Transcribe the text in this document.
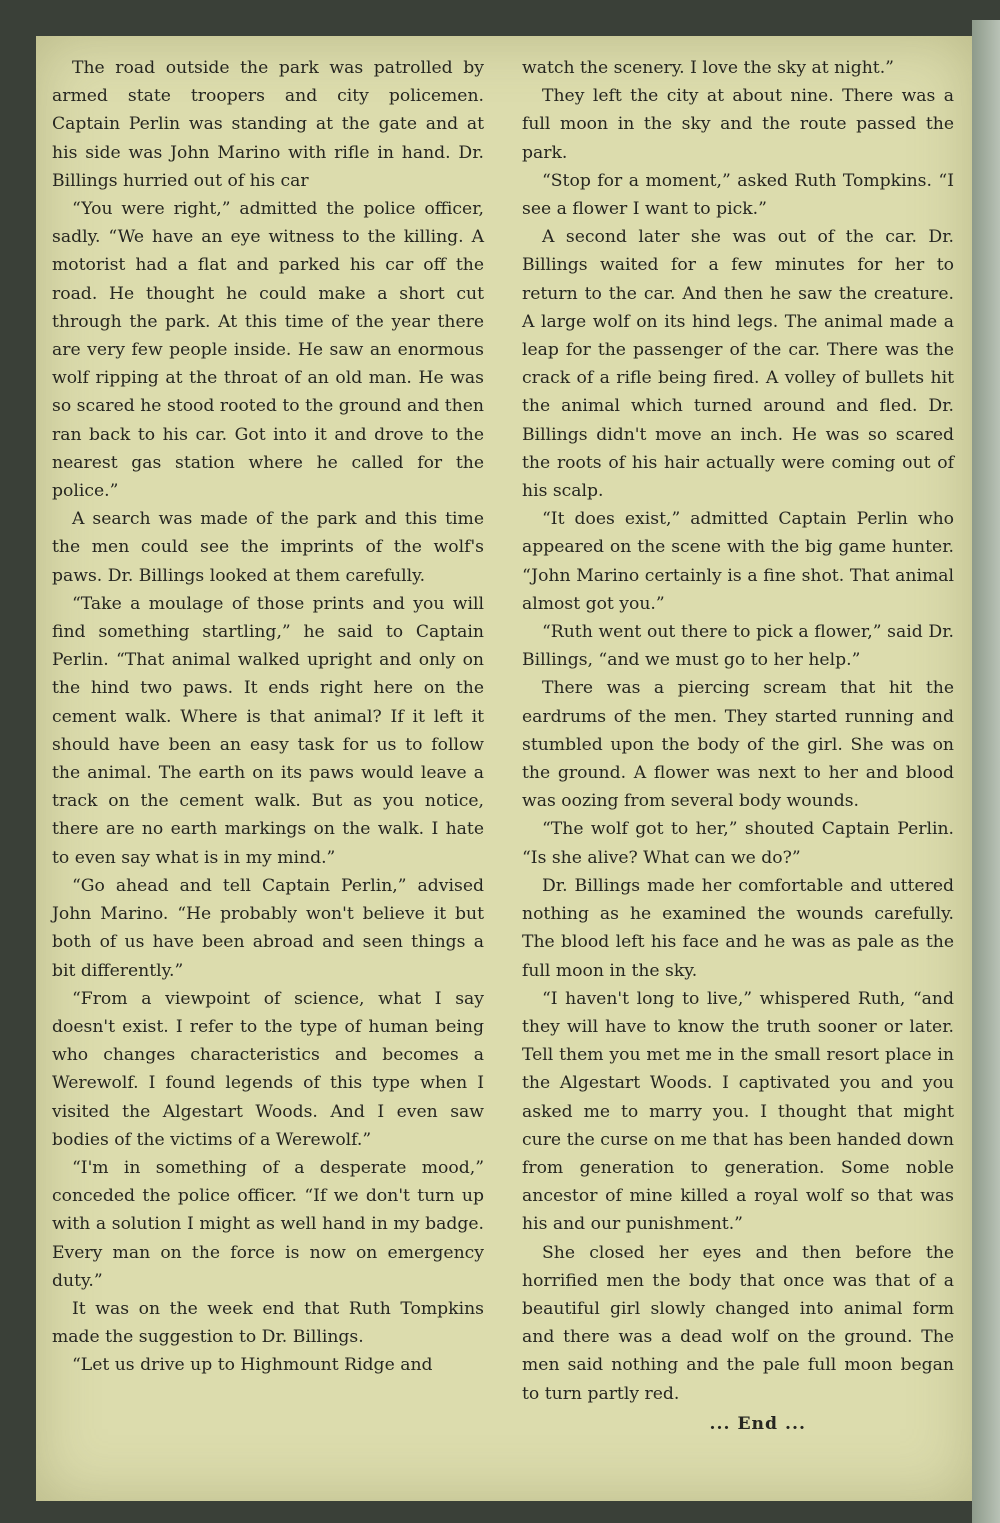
The road outside the park was patrolled by armed state troopers and city policemen. Captain Perlin was standing at the gate and at his side was John Marino with rifle in hand. Dr. Billings hurried out of his car

“You were right,” admitted the police officer, sadly. “We have an eye witness to the killing. A motorist had a flat and parked his car off the road. He thought he could make a short cut through the park. At this time of the year there are very few people inside. He saw an enormous wolf ripping at the throat of an old man. He was so scared he stood rooted to the ground and then ran back to his car. Got into it and drove to the nearest gas station where he called for the police.”

A search was made of the park and this time the men could see the imprints of the wolf's paws. Dr. Billings looked at them carefully.

“Take a moulage of those prints and you will find something startling,” he said to Captain Perlin. “That animal walked upright and only on the hind two paws. It ends right here on the cement walk. Where is that animal? If it left it should have been an easy task for us to follow the animal. The earth on its paws would leave a track on the cement walk. But as you notice, there are no earth markings on the walk. I hate to even say what is in my mind.”

“Go ahead and tell Captain Perlin,” advised John Marino. “He probably won't believe it but both of us have been abroad and seen things a bit differently.”

“From a viewpoint of science, what I say doesn't exist. I refer to the type of human being who changes characteristics and becomes a Werewolf. I found legends of this type when I visited the Algestart Woods. And I even saw bodies of the victims of a Werewolf.”

“I'm in something of a desperate mood,” conceded the police officer. “If we don't turn up with a solution I might as well hand in my badge. Every man on the force is now on emergency duty.”

It was on the week end that Ruth Tompkins made the suggestion to Dr. Billings.

“Let us drive up to Highmount Ridge and

watch the scenery. I love the sky at night.”

They left the city at about nine. There was a full moon in the sky and the route passed the park.

“Stop for a moment,” asked Ruth Tompkins. “I see a flower I want to pick.”

A second later she was out of the car. Dr. Billings waited for a few minutes for her to return to the car. And then he saw the creature. A large wolf on its hind legs. The animal made a leap for the passenger of the car. There was the crack of a rifle being fired. A volley of bullets hit the animal which turned around and fled. Dr. Billings didn't move an inch. He was so scared the roots of his hair actually were coming out of his scalp.

“It does exist,” admitted Captain Perlin who appeared on the scene with the big game hunter. “John Marino certainly is a fine shot. That animal almost got you.”

“Ruth went out there to pick a flower,” said Dr. Billings, “and we must go to her help.”

There was a piercing scream that hit the eardrums of the men. They started running and stumbled upon the body of the girl. She was on the ground. A flower was next to her and blood was oozing from several body wounds.

“The wolf got to her,” shouted Captain Perlin. “Is she alive? What can we do?”

Dr. Billings made her comfortable and uttered nothing as he examined the wounds carefully. The blood left his face and he was as pale as the full moon in the sky.

“I haven't long to live,” whispered Ruth, “and they will have to know the truth sooner or later. Tell them you met me in the small resort place in the Algestart Woods. I captivated you and you asked me to marry you. I thought that might cure the curse on me that has been handed down from generation to generation. Some noble ancestor of mine killed a royal wolf so that was his and our punishment.”

She closed her eyes and then before the horrified men the body that once was that of a beautiful girl slowly changed into animal form and there was a dead wolf on the ground. The men said nothing and the pale full moon began to turn partly red.

... End ...
